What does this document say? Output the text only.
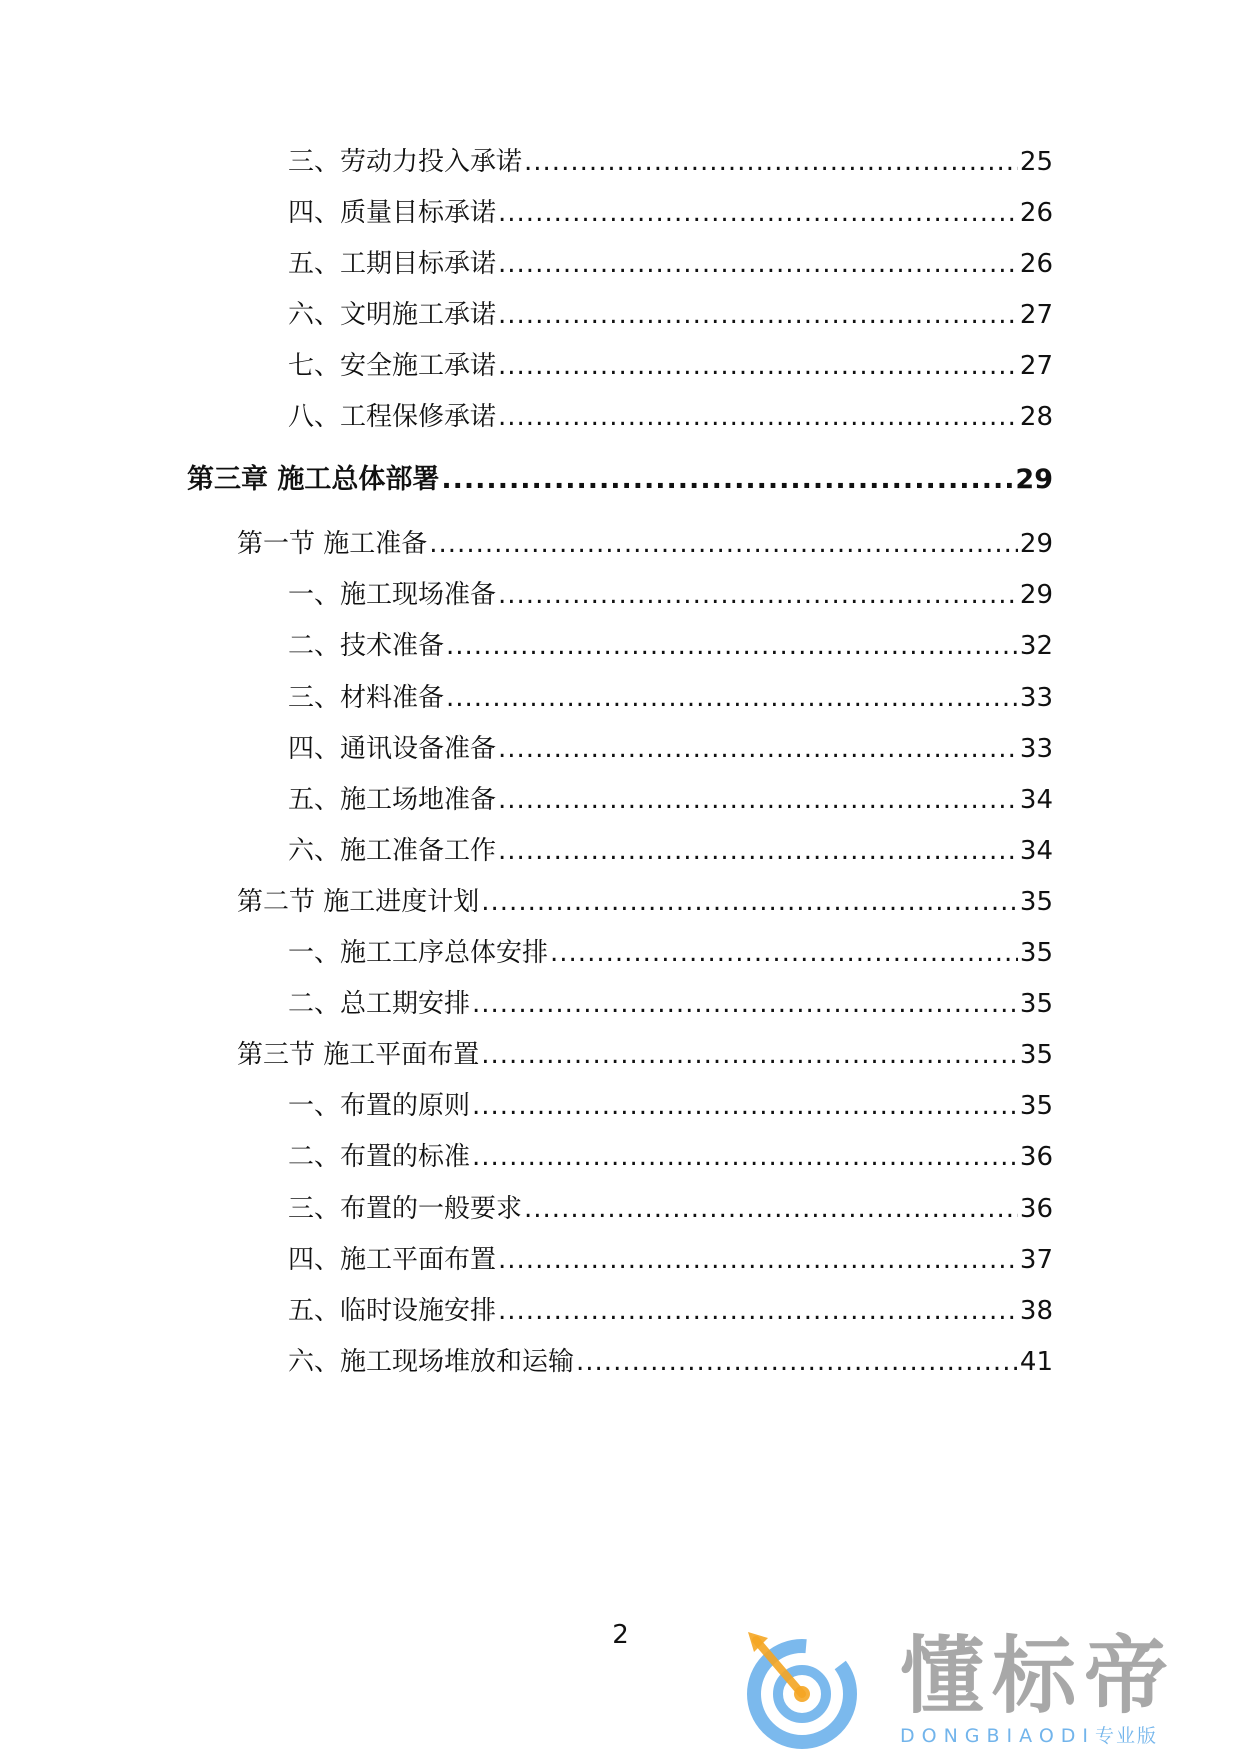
三、劳动力投入承诺 .....	25
四、质量目标承诺 .....	26
五、工期目标承诺 .....	26
六、文明施工承诺 .....	27
七、安全施工承诺 .....	27
八、工程保修承诺 .....	28
第三章 施工总体部署 .....	29
第一节 施工准备 .....	29
一、施工现场准备 .....	29
二、技术准备 .....	32
三、材料准备 .....	33
四、通讯设备准备 .....	33
五、施工场地准备 .....	34
六、施工准备工作 .....	34
第二节 施工进度计划 .....	35
一、施工工序总体安排 .....	35
二、总工期安排 .....	35
第三节 施工平面布置 .....	35
一、布置的原则 .....	35
二、布置的标准 .....	36
三、布置的一般要求 .....	36
四、施工平面布置 .....	37
五、临时设施安排 .....	38
六、施工现场堆放和运输 .....	41
2	懂标帝
DONGBIAODI专业版
